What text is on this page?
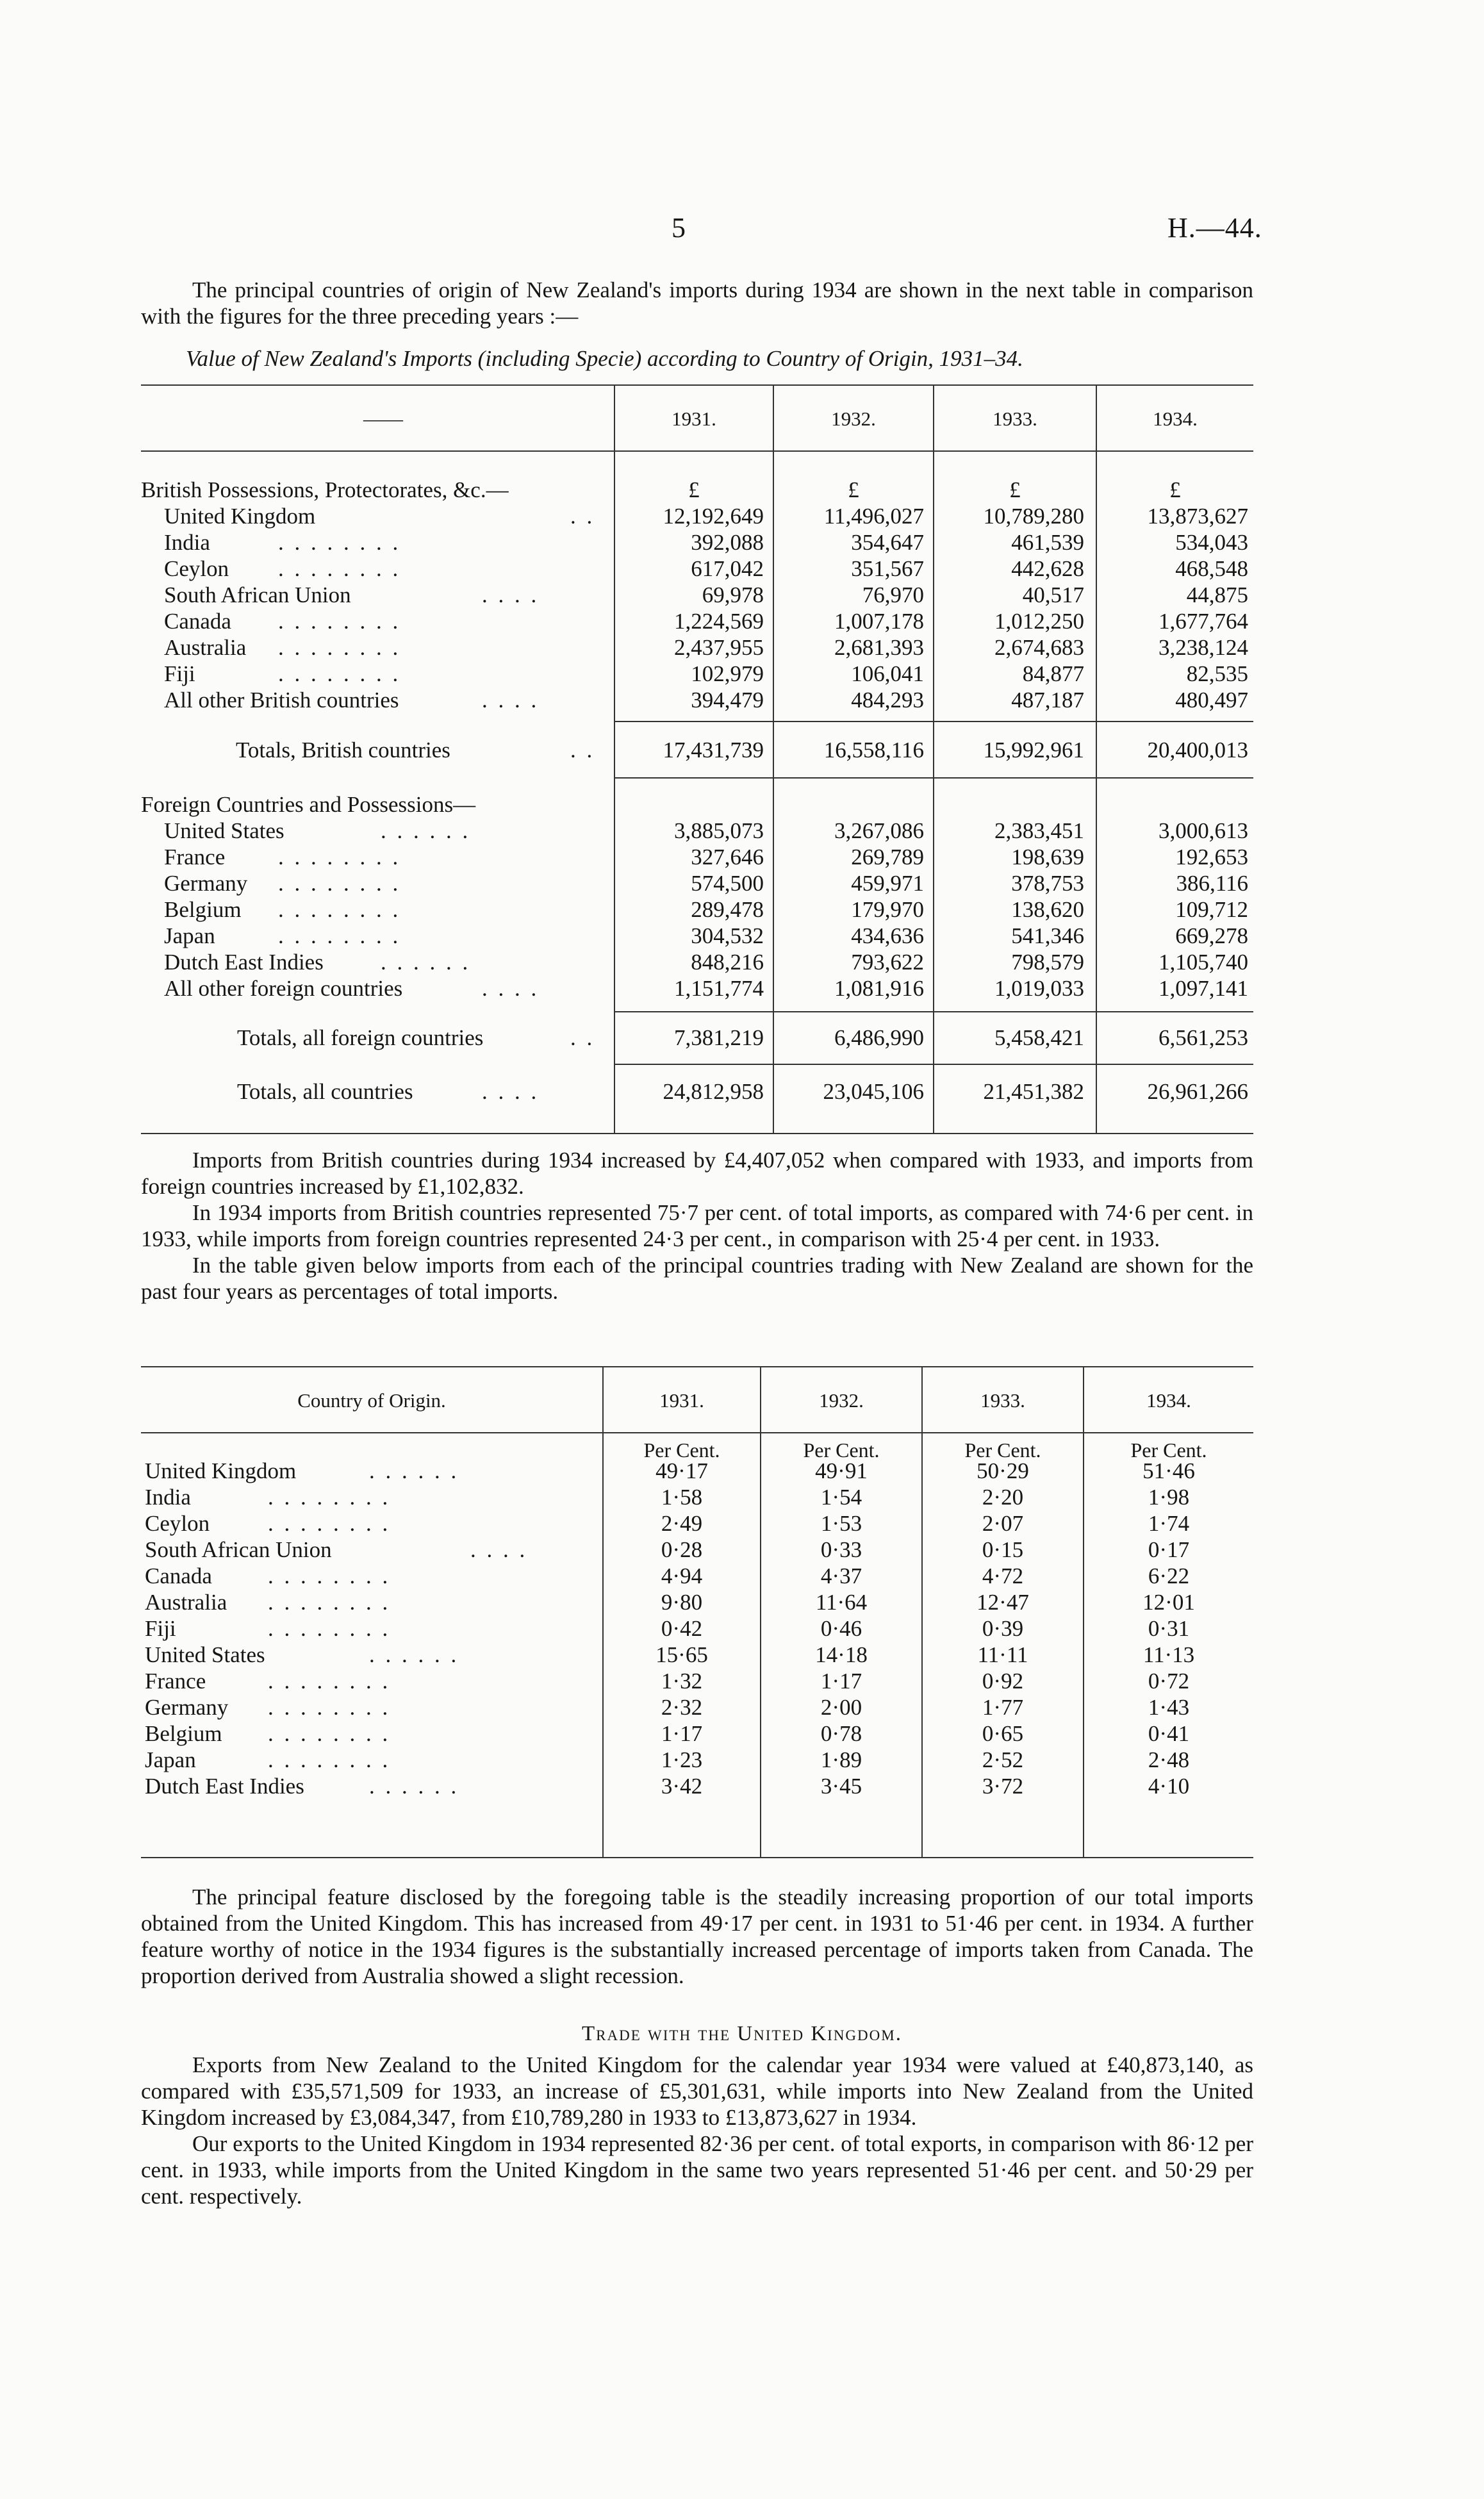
5	H.—44.
The principal countries of origin of New Zealand's imports during 1934 are shown in the next table in comparison with the figures for the three preceding years :—
Value of New Zealand's Imports (including Specie) according to Country of Origin, 1931–34.
——	1931.	1932.	1933.	1934.
£	£	£	£
British Possessions, Protectorates, &c.—
United Kingdom	. .	12,192,649	11,496,027	10,789,280	13,873,627
India	. . . . . . . .	392,088	354,647	461,539	534,043
Ceylon . . . . . . . .	617,042	351,567	442,628	468,548
South African Union	. . . .	69,978	76,970	40,517	44,875
Canada . . . . . . . .	1,224,569	1,007,178	1,012,250	1,677,764
Australia . . . . . . . .	2,437,955	2,681,393	2,674,683	3,238,124
Fiji	. . . . . . . .	102,979	106,041	84,877	82,535
All other British countries	. . . .	394,479	484,293	487,187	480,497
Totals, British countries	. .	17,431,739	16,558,116	15,992,961	20,400,013
Foreign Countries and Possessions—
United States	. . . . . .	3,885,073	3,267,086	2,383,451	3,000,613
France . . . . . . . .	327,646	269,789	198,639	192,653
Germany . . . . . . . .	574,500	459,971	378,753	386,116
Belgium . . . . . . . .	289,478	179,970	138,620	109,712
Japan	. . . . . . . .	304,532	434,636	541,346	669,278
Dutch East Indies	. . . . . .	848,216	793,622	798,579	1,105,740
All other foreign countries	. . . .	1,151,774	1,081,916	1,019,033	1,097,141
Totals, all foreign countries	. .	7,381,219	6,486,990	5,458,421	6,561,253
Totals, all countries	. . . .	24,812,958	23,045,106	21,451,382	26,961,266

Imports from British countries during 1934 increased by £4,407,052 when compared with 1933, and imports from foreign countries increased by £1,102,832.

In 1934 imports from British countries represented 75·7 per cent. of total imports, as compared with 74·6 per cent. in 1933, while imports from foreign countries represented 24·3 per cent., in comparison with 25·4 per cent. in 1933.

In the table given below imports from each of the principal countries trading with New Zealand are shown for the past four years as percentages of total imports.

Country of Origin.	1931.	1932.	1933.	1934.
Per Cent.	Per Cent.	Per Cent.	Per Cent.
United Kingdom	. . . . . .	49·17	49·91	50·29	51·46
India	. . . . . . . .	1·58	1·54	2·20	1·98
Ceylon	. . . . . . . .	2·49	1·53	2·07	1·74
South African Union	. . . .	0·28	0·33	0·15	0·17
Canada . . . . . . . .	4·94	4·37	4·72	6·22
Australia . . . . . . . .	9·80	11·64	12·47	12·01
Fiji	. . . . . . . .	0·42	0·46	0·39	0·31
United States	. . . . . .	15·65	14·18	11·11	11·13
France	. . . . . . . .	1·32	1·17	0·92	0·72
Germany . . . . . . . .	2·32	2·00	1·77	1·43
Belgium . . . . . . . .	1·17	0·78	0·65	0·41
Japan	. . . . . . . .	1·23	1·89	2·52	2·48
Dutch East Indies	. . . . . .	3·42	3·45	3·72	4·10
The principal feature disclosed by the foregoing table is the steadily increasing proportion of our total imports obtained from the United Kingdom. This has increased from 49·17 per cent. in 1931 to 51·46 per cent. in 1934. A further feature worthy of notice in the 1934 figures is the substantially increased percentage of imports taken from Canada. The proportion derived from Australia showed a slight recession.
Trade with the United Kingdom.

Exports from New Zealand to the United Kingdom for the calendar year 1934 were valued at £40,873,140, as compared with £35,571,509 for 1933, an increase of £5,301,631, while imports into New Zealand from the United Kingdom increased by £3,084,347, from £10,789,280 in 1933 to £13,873,627 in 1934.

Our exports to the United Kingdom in 1934 represented 82·36 per cent. of total exports, in comparison with 86·12 per cent. in 1933, while imports from the United Kingdom in the same two years represented 51·46 per cent. and 50·29 per cent. respectively.
